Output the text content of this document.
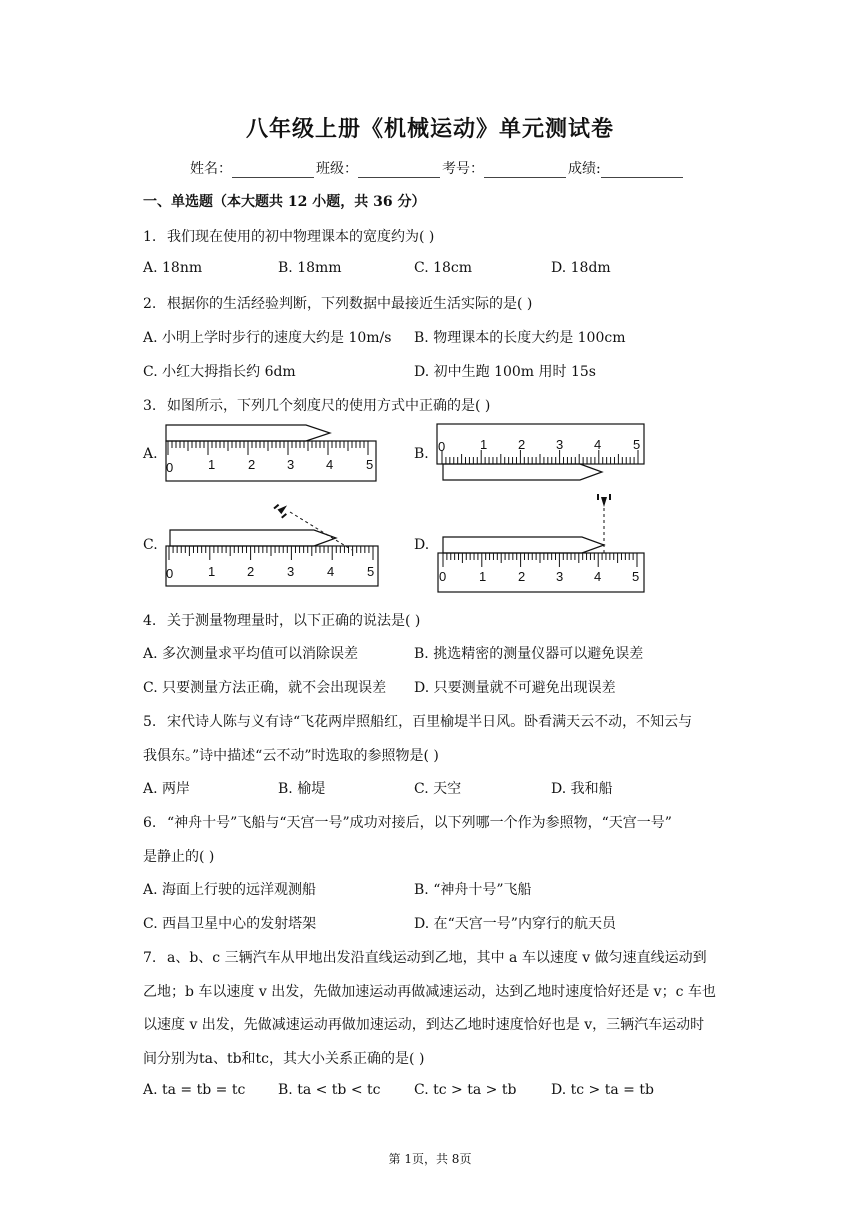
八年级上册《机械运动》单元测试卷
姓名：	班级：	考号：	成绩:
一、单选题（本大题共 12 小题，共 36 分）
1. 我们现在使用的初中物理课本的宽度约为( )
A. 18nm	B. 18mm	C. 18cm	D. 18dm
2. 根据你的生活经验判断，下列数据中最接近生活实际的是( )
A. 小明上学时步行的速度大约是 10m/s B. 物理课本的长度大约是 100cm
C. 小红大拇指长约 6dm	D. 初中生跑 100m 用时 15s
3. 如图所示，下列几个刻度尺的使用方式中正确的是( )
A.	B.
C.	D.
0	1	2 3 4	5
0	1 2 3 4 5
0	1 2	3	4	5	0	1 2 3 4 5
4. 关于测量物理量时，以下正确的说法是( )
A. 多次测量求平均值可以消除误差	B. 挑选精密的测量仪器可以避免误差
C. 只要测量方法正确，就不会出现误差 D. 只要测量就不可避免出现误差
5. 宋代诗人陈与义有诗“飞花两岸照船红，百里榆堤半日风。卧看满天云不动，不知云与
我俱东。”诗中描述“云不动”时选取的参照物是( )
A. 两岸	B. 榆堤	C. 天空	D. 我和船
6. “神舟十号”飞船与“天宫一号”成功对接后，以下列哪一个作为参照物，“天宫一号”
是静止的( )
A. 海面上行驶的远洋观测船	B. “神舟十号”飞船
C. 西昌卫星中心的发射塔架	D. 在“天宫一号”内穿行的航天员
7. a、b、c 三辆汽车从甲地出发沿直线运动到乙地，其中 a 车以速度 v 做匀速直线运动到
乙地；b 车以速度 v 出发，先做加速运动再做减速运动，达到乙地时速度恰好还是 v；c 车也
以速度 v 出发，先做减速运动再做加速运动，到达乙地时速度恰好也是 v，三辆汽车运动时
间分别为ta、tb和tc，其大小关系正确的是( )
A. ta = tb = tc B. ta < tb < tc C. tc > ta > tb D. tc > ta = tb
第 1页，共 8页
